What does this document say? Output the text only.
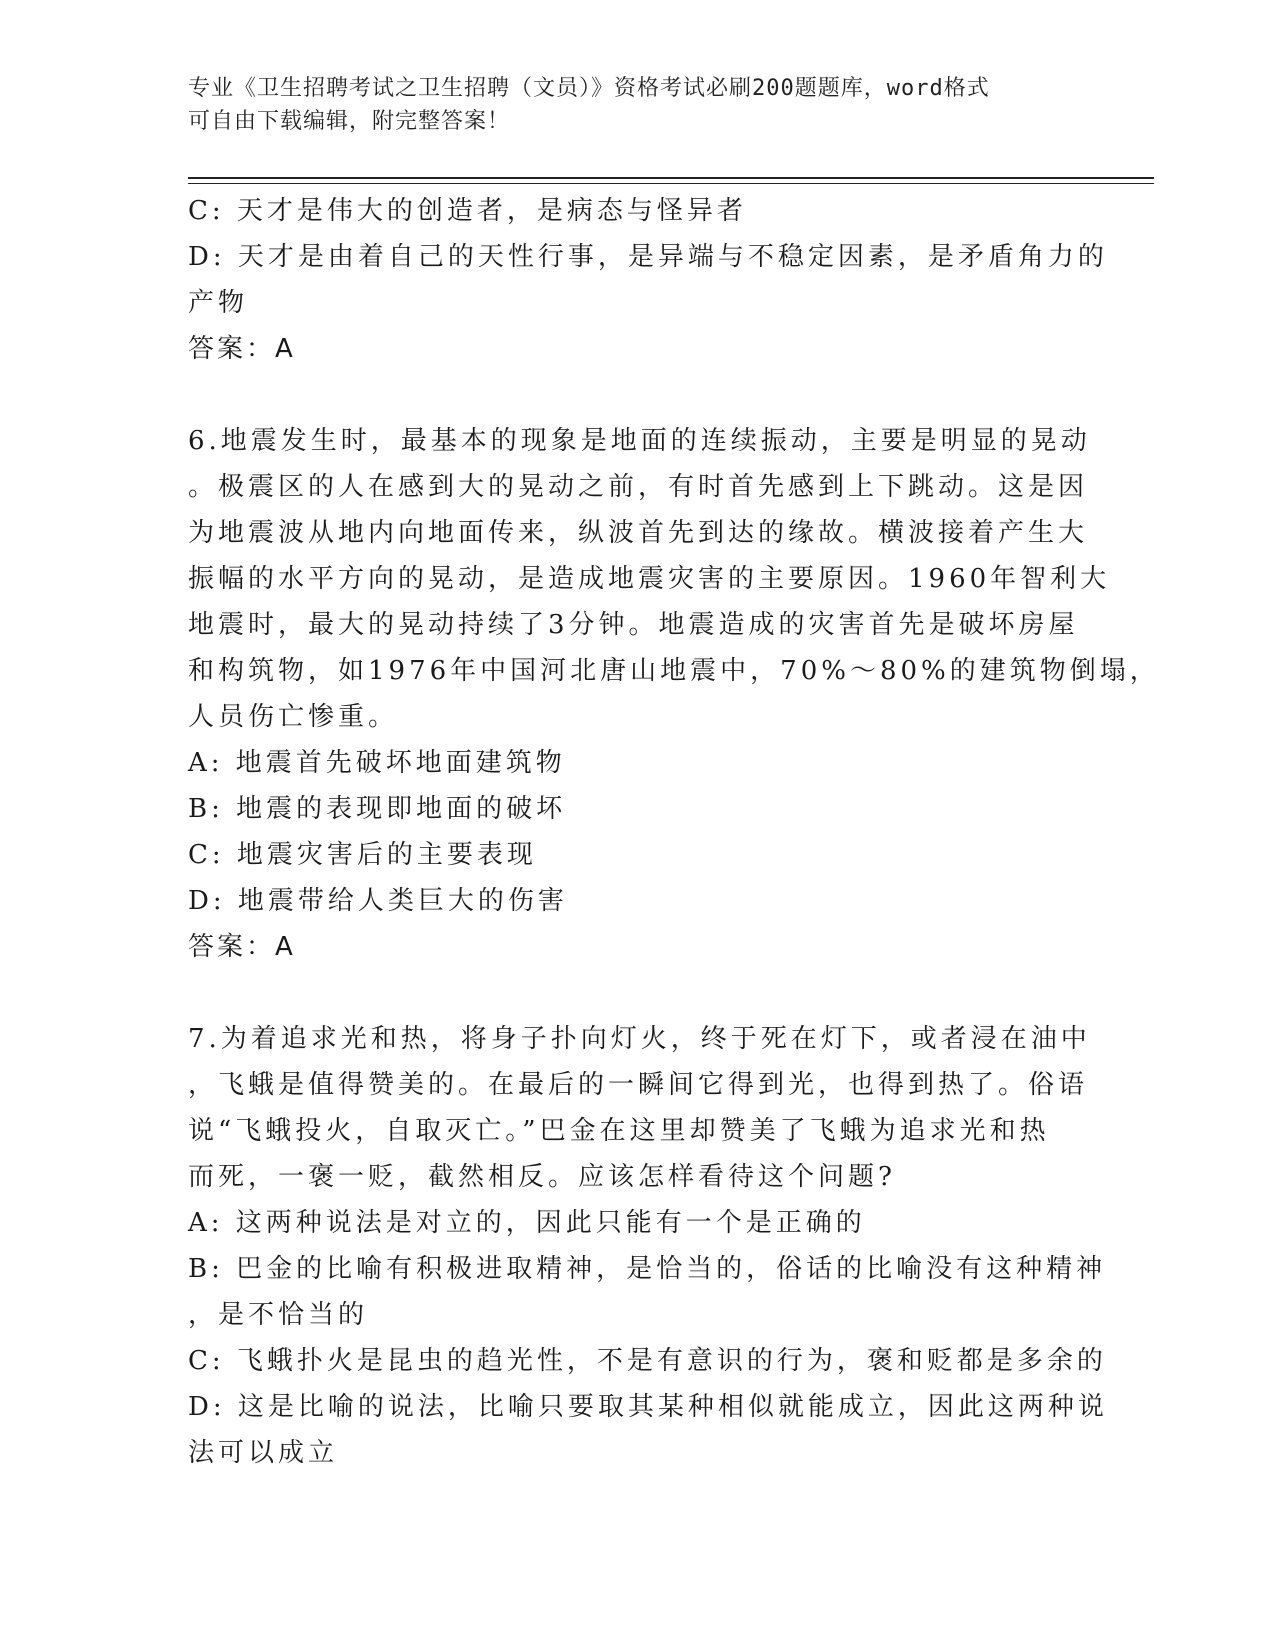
专业《卫生招聘考试之卫生招聘（文员）》资格考试必刷200题题库，word格式
可自由下载编辑，附完整答案！
C: 天才是伟大的创造者，是病态与怪异者
D: 天才是由着自己的天性行事，是异端与不稳定因素，是矛盾角力的
产物
答案：A
6.地震发生时，最基本的现象是地面的连续振动，主要是明显的晃动
。极震区的人在感到大的晃动之前，有时首先感到上下跳动。这是因
为地震波从地内向地面传来，纵波首先到达的缘故。横波接着产生大
振幅的水平方向的晃动，是造成地震灾害的主要原因。1960年智利大
地震时，最大的晃动持续了3分钟。地震造成的灾害首先是破坏房屋
和构筑物，如1976年中国河北唐山地震中，70%～80%的建筑物倒塌，
人员伤亡惨重。
A: 地震首先破坏地面建筑物
B: 地震的表现即地面的破坏
C: 地震灾害后的主要表现
D: 地震带给人类巨大的伤害
答案：A
7.为着追求光和热，将身子扑向灯火，终于死在灯下，或者浸在油中
，飞蛾是值得赞美的。在最后的一瞬间它得到光，也得到热了。俗语
说“飞蛾投火，自取灭亡。”巴金在这里却赞美了飞蛾为追求光和热
而死，一褒一贬，截然相反。应该怎样看待这个问题?
A: 这两种说法是对立的，因此只能有一个是正确的
B: 巴金的比喻有积极进取精神，是恰当的，俗话的比喻没有这种精神
，是不恰当的
C: 飞蛾扑火是昆虫的趋光性，不是有意识的行为，褒和贬都是多余的
D: 这是比喻的说法，比喻只要取其某种相似就能成立，因此这两种说
法可以成立
